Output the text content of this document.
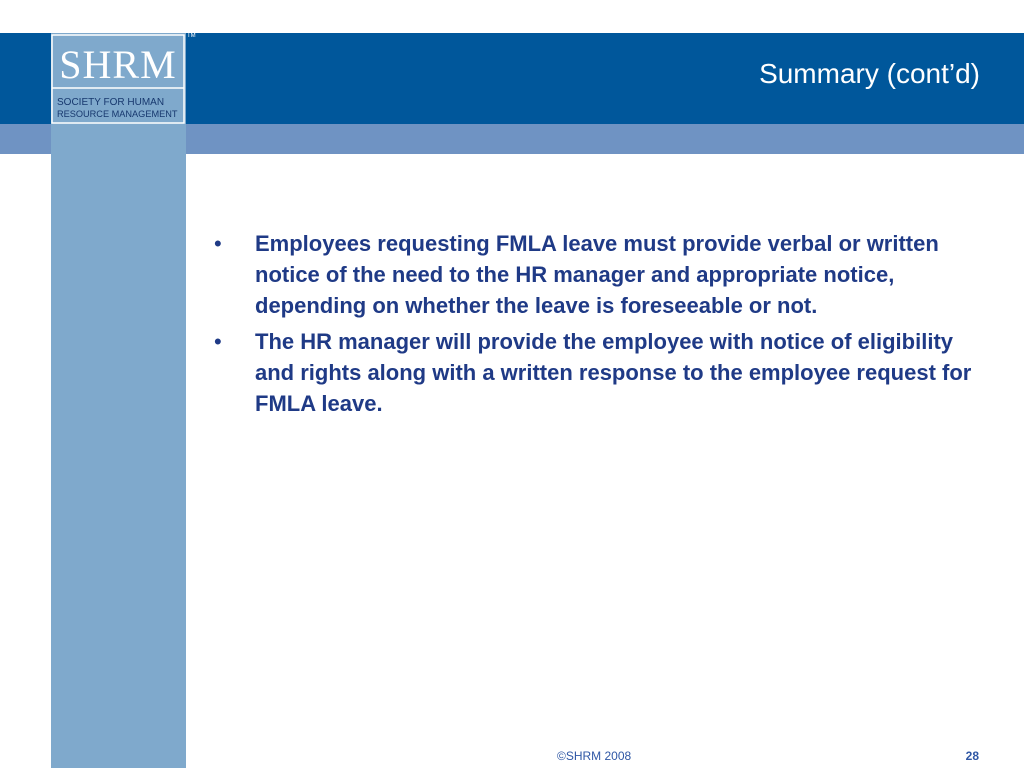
SHRM
SOCIETY FOR HUMAN
RESOURCE MANAGEMENT
TM
Summary (cont’d)
• Employees requesting FMLA leave must provide verbal or written notice of the need to the HR manager and appropriate notice, depending on whether the leave is foreseeable or not.
• The HR manager will provide the employee with notice of eligibility and rights along with a written response to the employee request for FMLA leave.
©SHRM 2008	28
